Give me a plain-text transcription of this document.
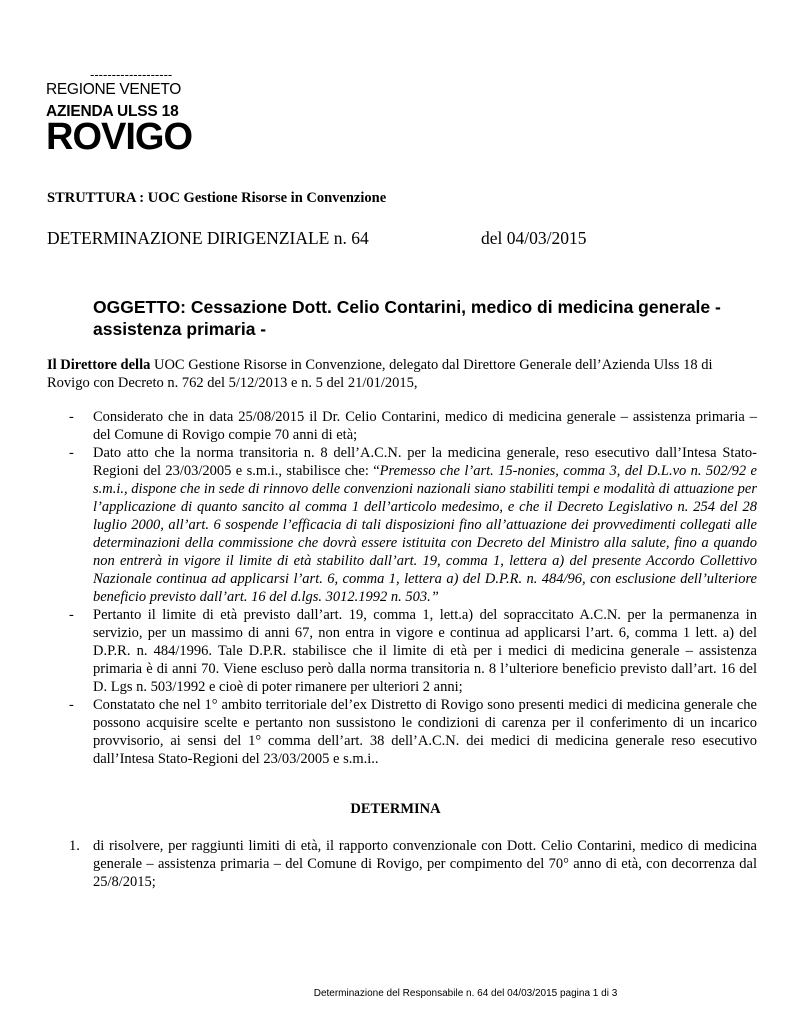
-------------------
REGIONE VENETO
AZIENDA ULSS 18
ROVIGO
STRUTTURA : UOC Gestione Risorse in Convenzione
DETERMINAZIONE DIRIGENZIALE n. 64	del 04/03/2015
OGGETTO: Cessazione Dott. Celio Contarini, medico di medicina generale - assistenza primaria -
Il Direttore della UOC Gestione Risorse in Convenzione, delegato dal Direttore Generale dell’Azienda Ulss 18 di Rovigo con Decreto n. 762 del 5/12/2013 e n. 5 del 21/01/2015,
- Considerato che in data 25/08/2015 il Dr. Celio Contarini, medico di medicina generale – assistenza primaria – del Comune di Rovigo compie 70 anni di età;
- Dato atto che la norma transitoria n. 8 dell’A.C.N. per la medicina generale, reso esecutivo dall’Intesa Stato-Regioni del 23/03/2005 e s.m.i., stabilisce che: “Premesso che l’art. 15-nonies, comma 3, del D.L.vo n. 502/92 e s.m.i., dispone che in sede di rinnovo delle convenzioni nazionali siano stabiliti tempi e modalità di attuazione per l’applicazione di quanto sancito al comma 1 dell’articolo medesimo, e che il Decreto Legislativo n. 254 del 28 luglio 2000, all’art. 6 sospende l’efficacia di tali disposizioni fino all’attuazione dei provvedimenti collegati alle determinazioni della commissione che dovrà essere istituita con Decreto del Ministro alla salute, fino a quando non entrerà in vigore il limite di età stabilito dall’art. 19, comma 1, lettera a) del presente Accordo Collettivo Nazionale continua ad applicarsi l’art. 6, comma 1, lettera a) del D.P.R. n. 484/96, con esclusione dell’ulteriore beneficio previsto dall’art. 16 del d.lgs. 3012.1992 n. 503.”
- Pertanto il limite di età previsto dall’art. 19, comma 1, lett.a) del sopraccitato A.C.N. per la permanenza in servizio, per un massimo di anni 67, non entra in vigore e continua ad applicarsi l’art. 6, comma 1 lett. a) del D.P.R. n. 484/1996. Tale D.P.R. stabilisce che il limite di età per i medici di medicina generale – assistenza primaria è di anni 70. Viene escluso però dalla norma transitoria n. 8 l’ulteriore beneficio previsto dall’art. 16 del D. Lgs n. 503/1992 e cioè di poter rimanere per ulteriori 2 anni;
- Constatato che nel 1° ambito territoriale del’ex Distretto di Rovigo sono presenti medici di medicina generale che possono acquisire scelte e pertanto non sussistono le condizioni di carenza per il conferimento di un incarico provvisorio, ai sensi del 1° comma dell’art. 38 dell’A.C.N. dei medici di medicina generale reso esecutivo dall’Intesa Stato-Regioni del 23/03/2005 e s.m.i..
DETERMINA
1. di risolvere, per raggiunti limiti di età, il rapporto convenzionale con Dott. Celio Contarini, medico di medicina generale – assistenza primaria – del Comune di Rovigo, per compimento del 70° anno di età, con decorrenza dal 25/8/2015;
Determinazione del Responsabile n. 64 del 04/03/2015 pagina 1 di 3
